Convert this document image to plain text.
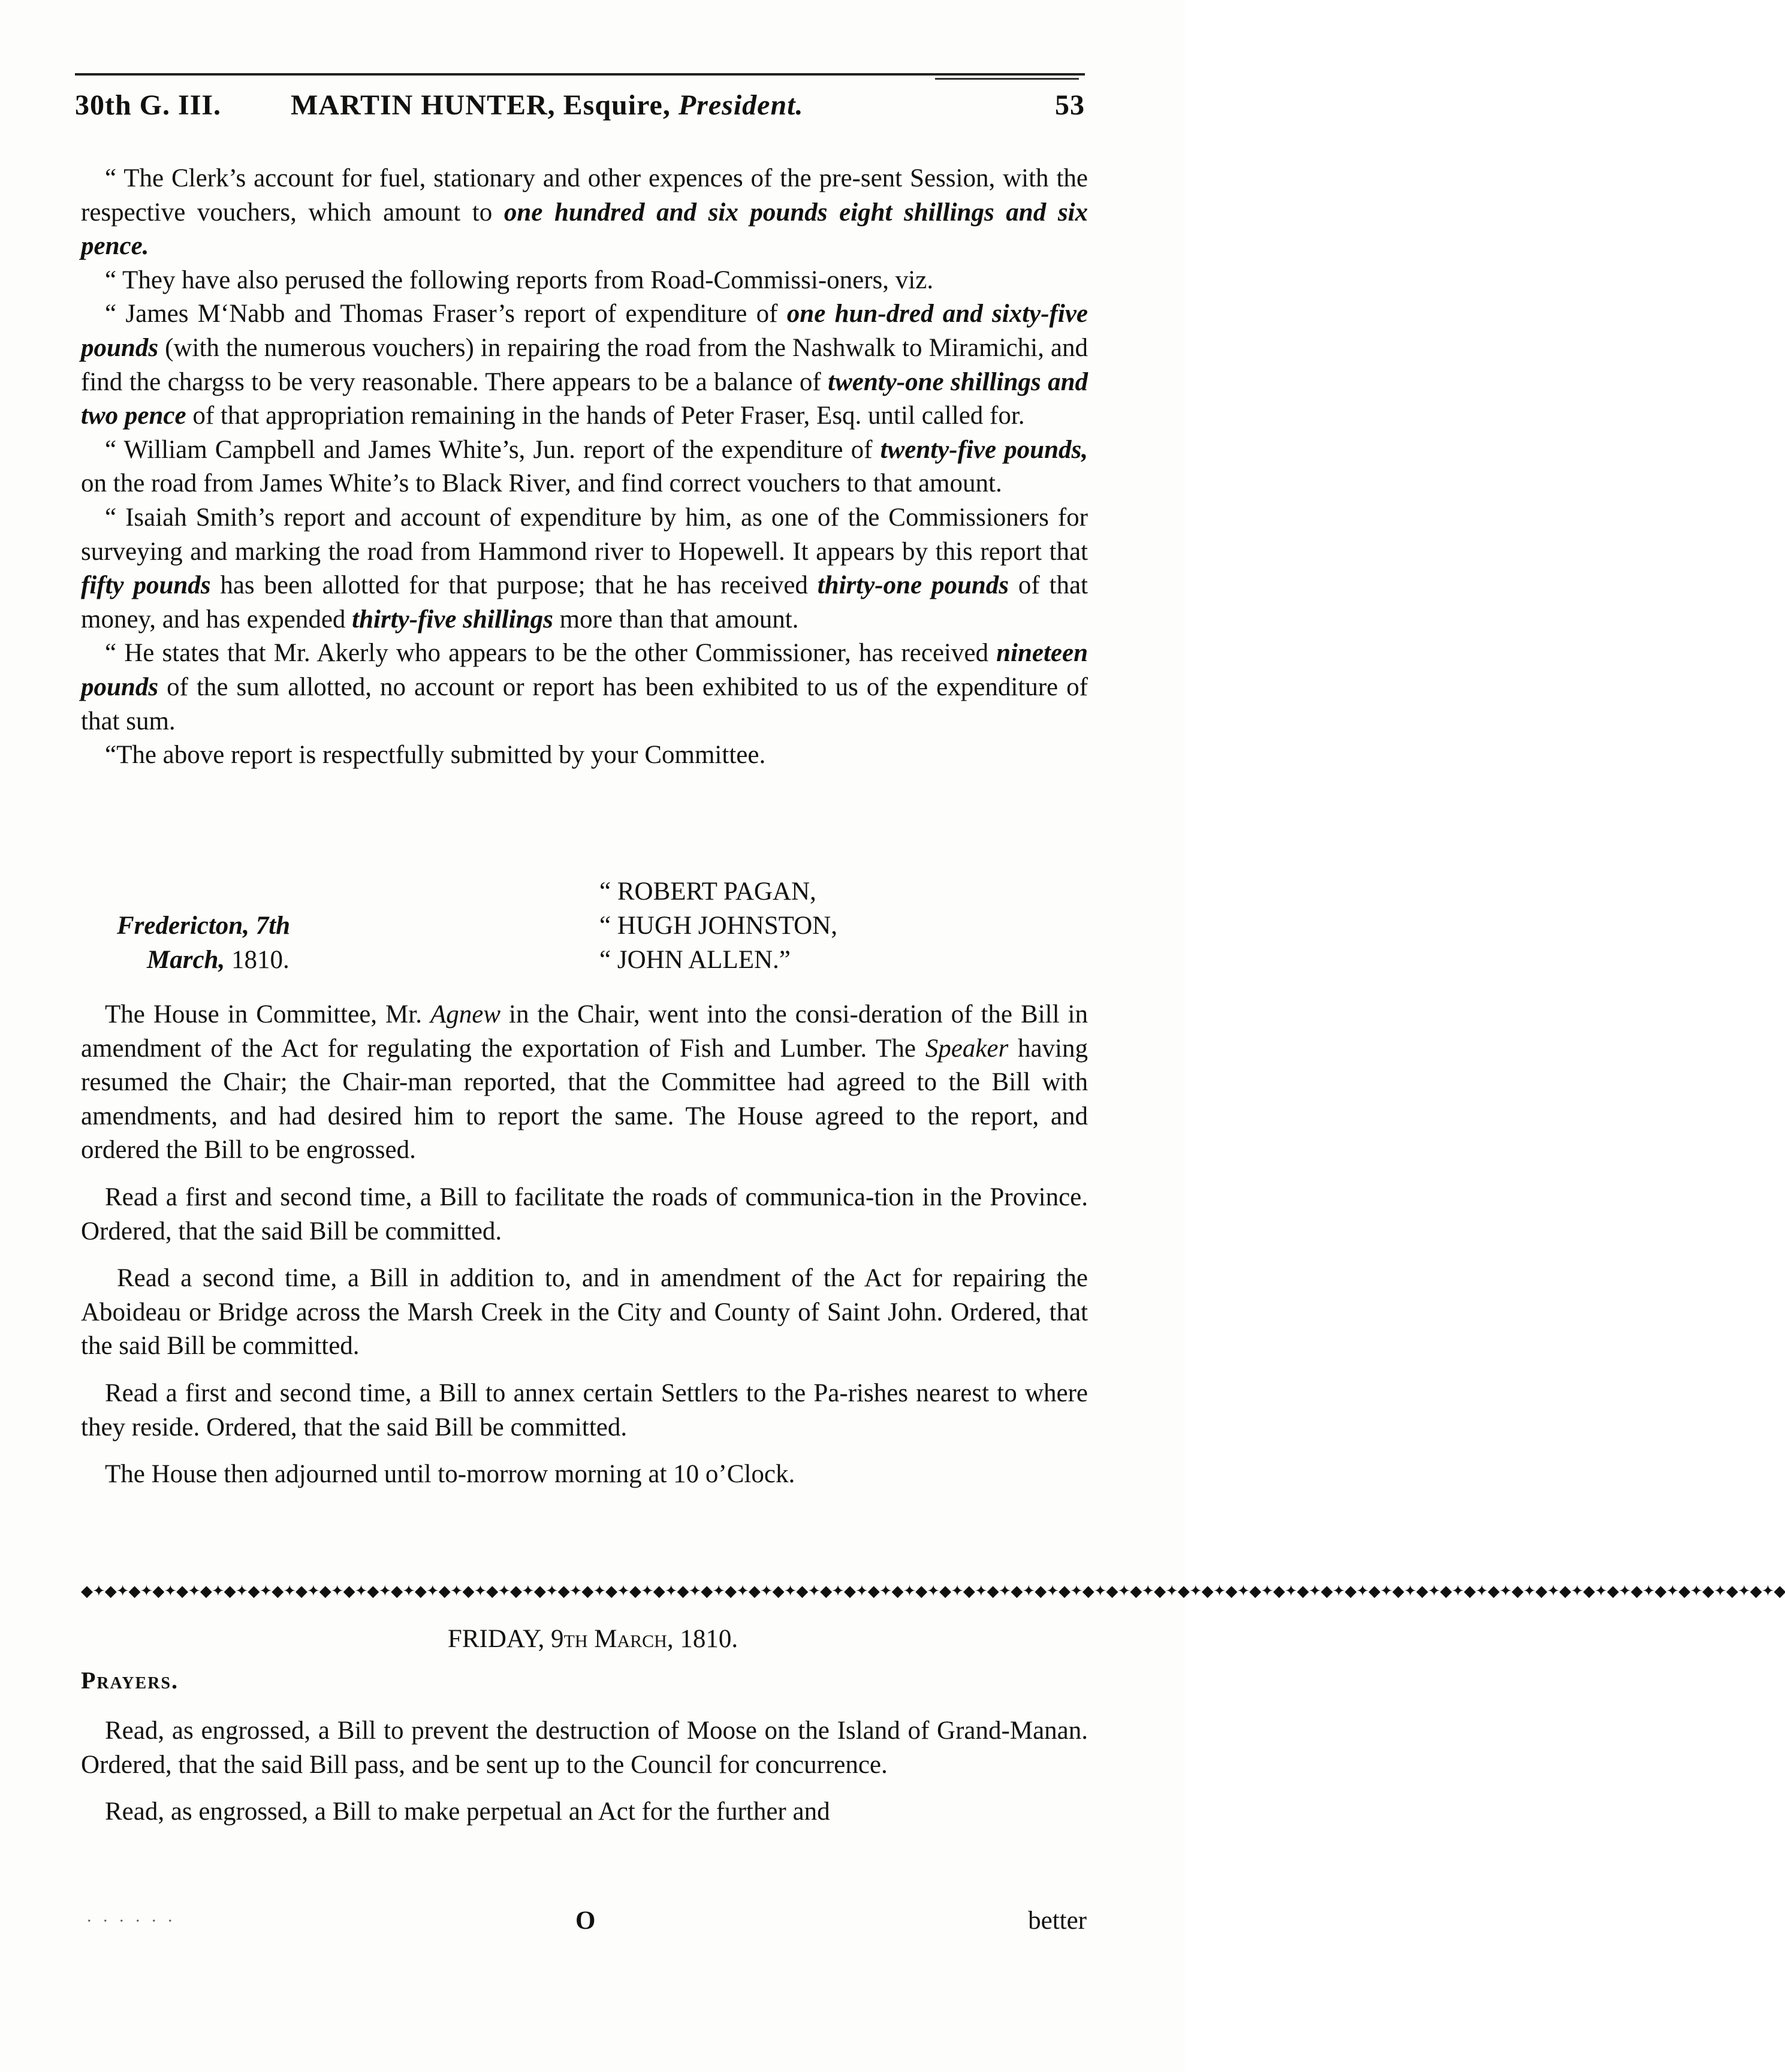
30th G. III. MARTIN HUNTER, Esquire, President.	53

“ The Clerk’s account for fuel, stationary and other expences of the pre-sent Session, with the respective vouchers, which amount to one hundred and six pounds eight shillings and six pence.

“ They have also perused the following reports from Road-Commissi-oners, viz.

“ James M‘Nabb and Thomas Fraser’s report of expenditure of one hun-dred and sixty-five pounds (with the numerous vouchers) in repairing the road from the Nashwalk to Miramichi, and find the chargss to be very reasonable. There appears to be a balance of twenty-one shillings and two pence of that appropriation remaining in the hands of Peter Fraser, Esq. until called for.

“ William Campbell and James White’s, Jun. report of the expenditure of twenty-five pounds, on the road from James White’s to Black River, and find correct vouchers to that amount.

“ Isaiah Smith’s report and account of expenditure by him, as one of the Commissioners for surveying and marking the road from Hammond river to Hopewell. It appears by this report that fifty pounds has been allotted for that purpose; that he has received thirty-one pounds of that money, and has expended thirty-five shillings more than that amount.

“ He states that Mr. Akerly who appears to be the other Commissioner, has received nineteen pounds of the sum allotted, no account or report has been exhibited to us of the expenditure of that sum.

“The above report is respectfully submitted by your Committee.

“ ROBERT PAGAN,
“ HUGH JOHNSTON,
“ JOHN ALLEN.”
Fredericton, 7th
March, 1810.

The House in Committee, Mr. Agnew in the Chair, went into the consi-deration of the Bill in amendment of the Act for regulating the exportation of Fish and Lumber. The Speaker having resumed the Chair; the Chair-man reported, that the Committee had agreed to the Bill with amendments, and had desired him to report the same. The House agreed to the report, and ordered the Bill to be engrossed.

Read a first and second time, a Bill to facilitate the roads of communica-tion in the Province. Ordered, that the said Bill be committed.

Read a second time, a Bill in addition to, and in amendment of the Act for repairing the Aboideau or Bridge across the Marsh Creek in the City and County of Saint John. Ordered, that the said Bill be committed.

Read a first and second time, a Bill to annex certain Settlers to the Pa-rishes nearest to where they reside. Ordered, that the said Bill be committed.

The House then adjourned until to-morrow morning at 10 o’Clock.

◆✦◆✦◆✦◆✦◆✦◆✦◆✦◆✦◆✦◆✦◆✦◆✦◆✦◆✦◆✦◆✦◆✦◆✦◆✦◆✦◆✦◆✦◆✦◆✦◆✦◆✦◆✦◆✦◆✦◆✦◆✦◆✦◆✦◆✦◆✦◆✦◆✦◆✦◆✦◆✦◆✦◆✦◆✦◆✦◆✦◆✦◆✦◆✦◆✦◆✦◆✦◆✦◆✦◆✦◆✦◆✦◆✦◆✦◆✦◆✦◆✦◆✦◆✦◆✦◆✦◆✦◆✦◆✦◆✦◆✦◆✦◆
FRIDAY, 9th March, 1810.
Prayers.

Read, as engrossed, a Bill to prevent the destruction of Moose on the Island of Grand-Manan. Ordered, that the said Bill pass, and be sent up to the Council for concurrence.

Read, as engrossed, a Bill to make perpetual an Act for the further and

. . . . . .	O	better
